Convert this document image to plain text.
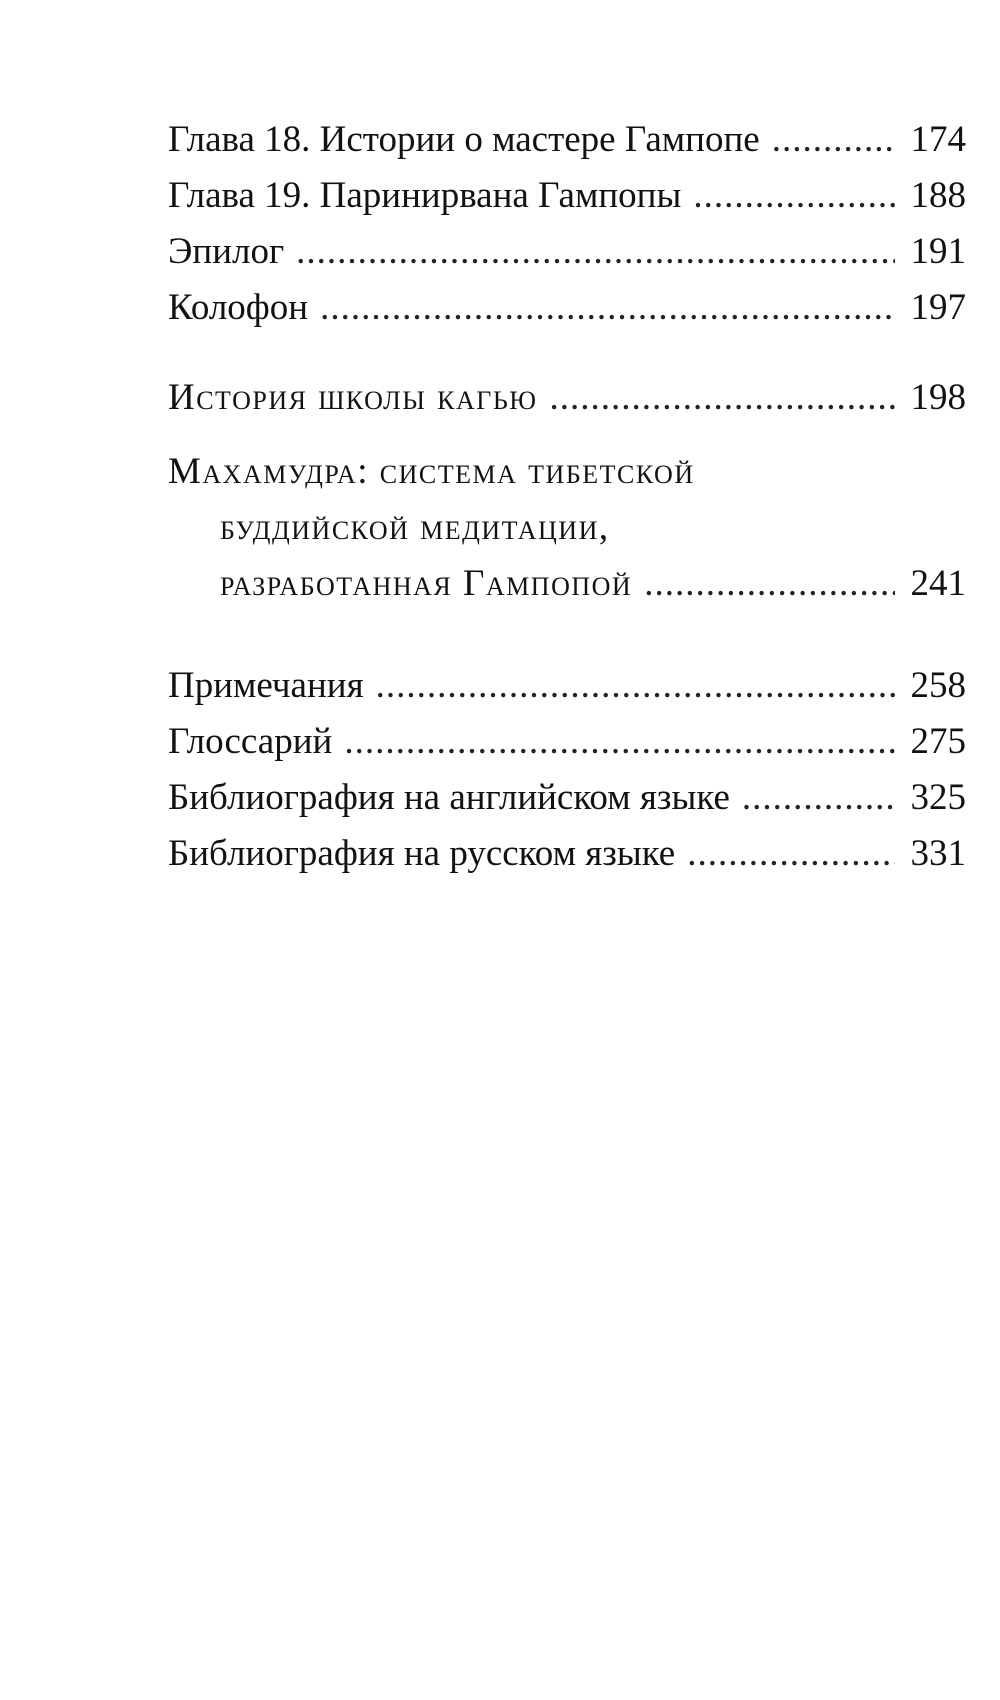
Глава 18. Истории о мастере Гампопе .....	174
Глава 19. Паринирвана Гампопы .....	188
Эпилог .....	191
Колофон .....	197
История школы кагью .....	198
Махамудра: система тибетской
буддийской медитации,
разработанная Гампопой .....	241
Примечания .....	258
Глоссарий .....	275
Библиография на английском языке .....	325
Библиография на русском языке .....	331
